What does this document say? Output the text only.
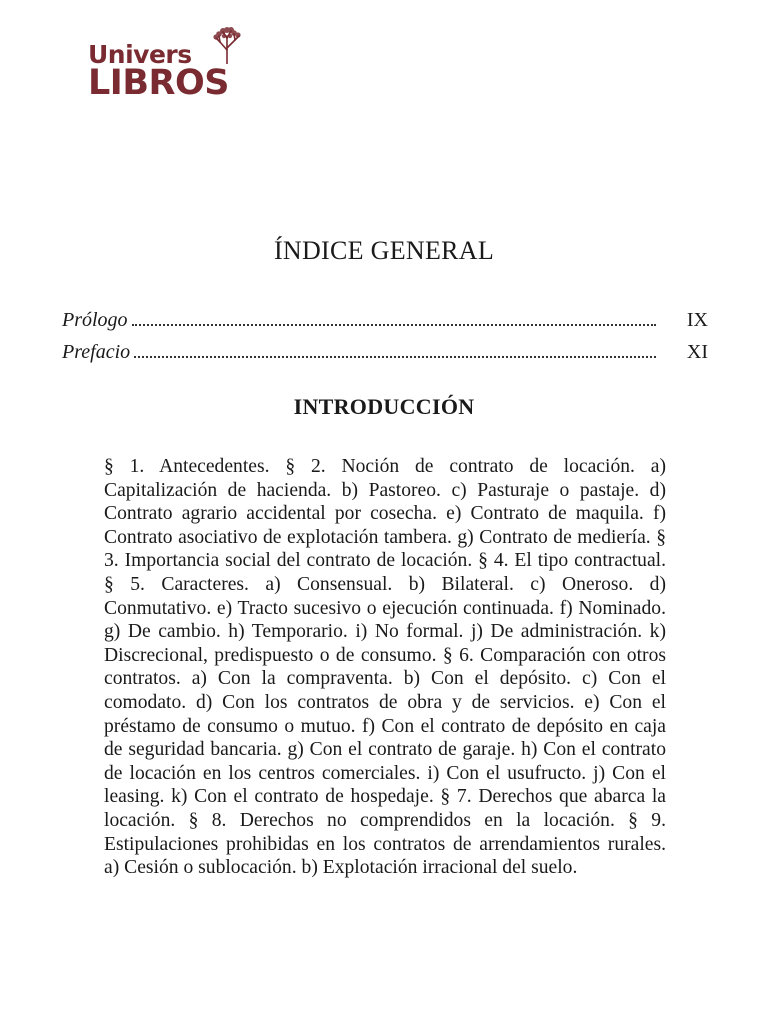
Univers
LIBROS
ÍNDICE GENERAL
Prólogo	IX
Prefacio	XI
INTRODUCCIÓN
§ 1. Antecedentes. § 2. Noción de contrato de locación. a) Capitalización de hacienda. b) Pastoreo. c) Pasturaje o pastaje. d) Contrato agrario accidental por cosecha. e) Contrato de maquila. f) Contrato asociativo de explotación tambera. g) Contrato de mediería. § 3. Importancia social del contrato de locación. § 4. El tipo contractual. § 5. Caracteres. a) Consensual. b) Bilateral. c) Oneroso. d) Conmutativo. e) Tracto sucesivo o ejecución continuada. f) Nominado. g) De cambio. h) Temporario. i) No formal. j) De administración. k) Discrecional, predispuesto o de consumo. § 6. Comparación con otros contratos. a) Con la compraventa. b) Con el depósito. c) Con el comodato. d) Con los contratos de obra y de servicios. e) Con el préstamo de consumo o mutuo. f) Con el contrato de depósito en caja de seguridad bancaria. g) Con el contrato de garaje. h) Con el contrato de locación en los centros comerciales. i) Con el usufructo. j) Con el leasing. k) Con el contrato de hospedaje. § 7. Derechos que abarca la locación. § 8. Derechos no comprendidos en la locación. § 9. Estipulaciones prohibidas en los contratos de arrendamientos rurales. a) Cesión o sublocación. b) Explotación irracional del suelo.
